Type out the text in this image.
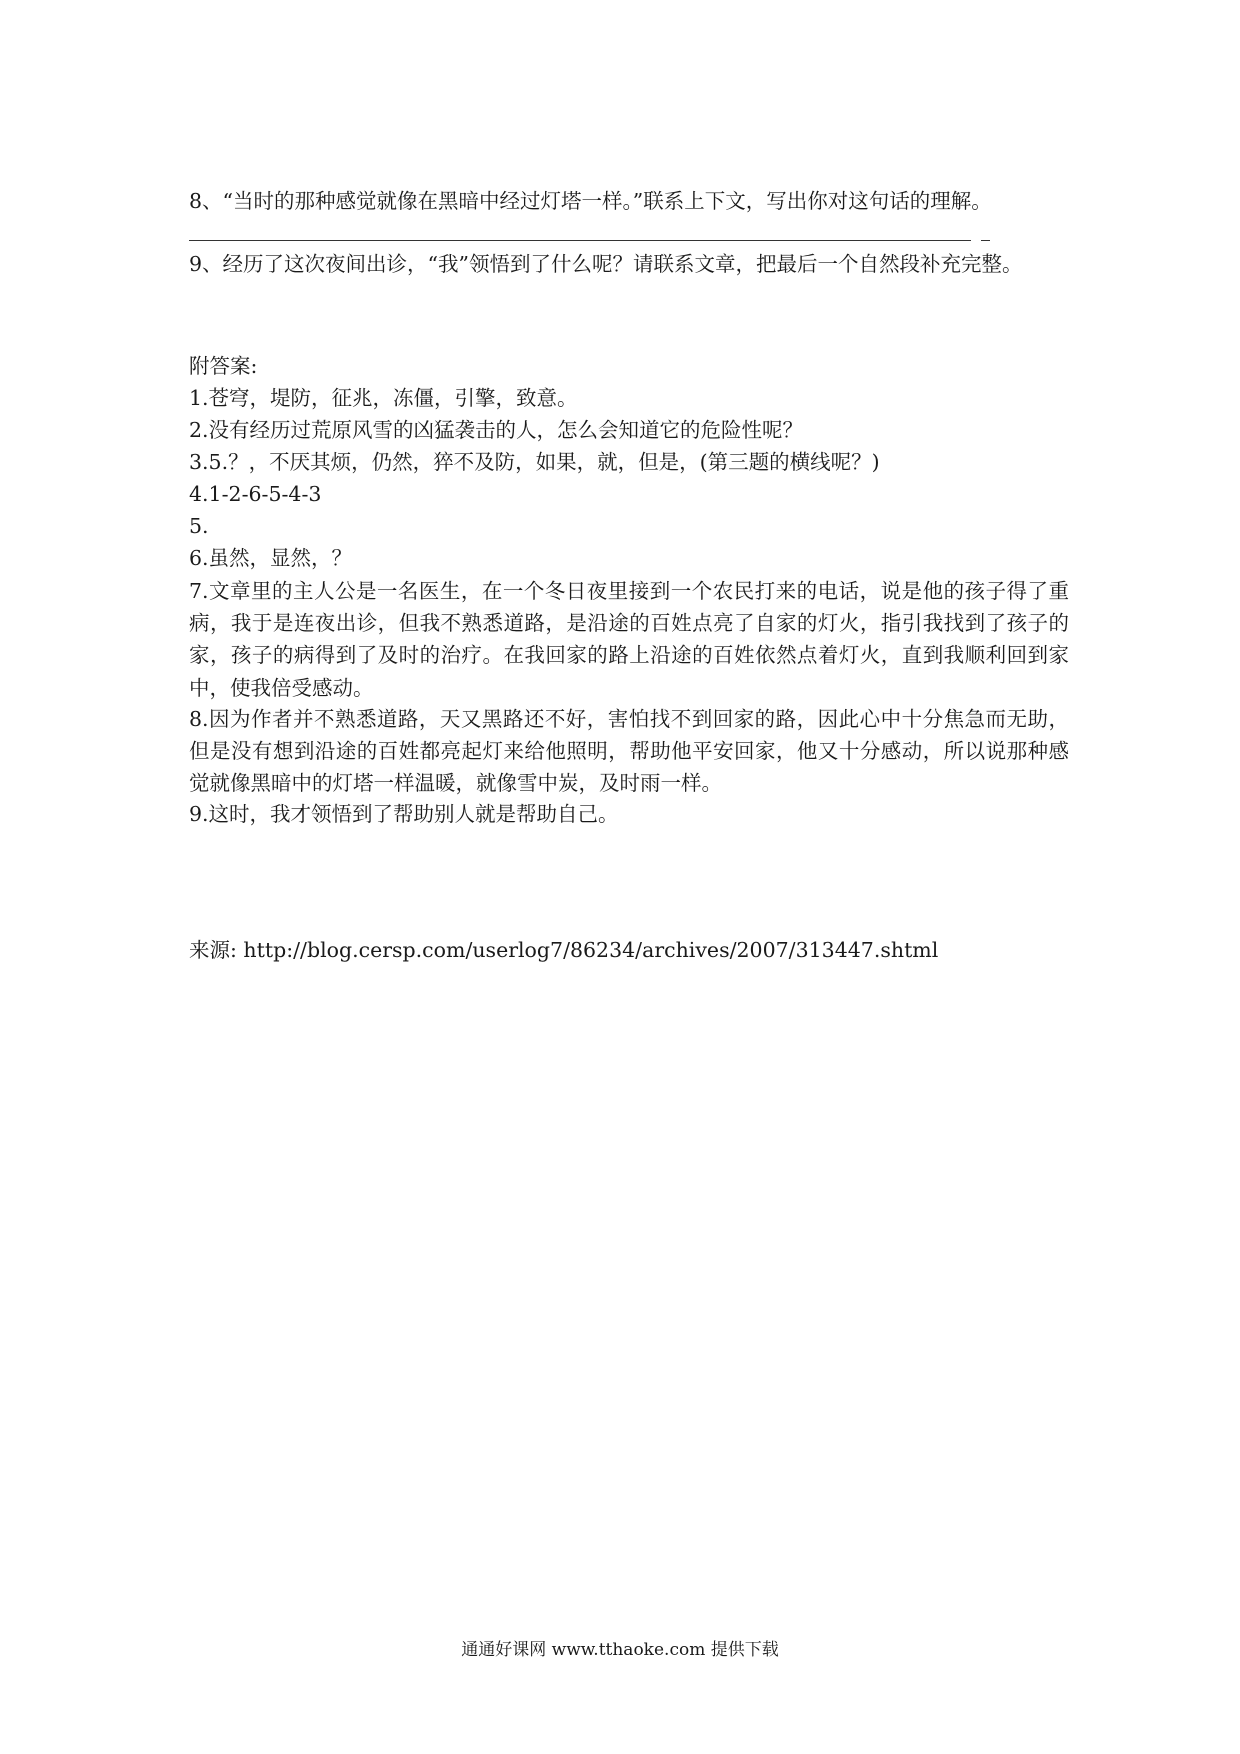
8、“当时的那种感觉就像在黑暗中经过灯塔一样。”联系上下文，写出你对这句话的理解。
9、经历了这次夜间出诊，“我”领悟到了什么呢？请联系文章，把最后一个自然段补充完整。
附答案:
1.苍穹，堤防，征兆，冻僵，引擎，致意。
2.没有经历过荒原风雪的凶猛袭击的人，怎么会知道它的危险性呢？
3.5.？，不厌其烦，仍然，猝不及防，如果，就，但是，(第三题的横线呢？)
4.1-2-6-5-4-3
5.
6.虽然，显然，？
7.文章里的主人公是一名医生，在一个冬日夜里接到一个农民打来的电话，说是他的孩子得了重病，我于是连夜出诊，但我不熟悉道路，是沿途的百姓点亮了自家的灯火，指引我找到了孩子的家，孩子的病得到了及时的治疗。在我回家的路上沿途的百姓依然点着灯火，直到我顺利回到家中，使我倍受感动。
8.因为作者并不熟悉道路，天又黑路还不好，害怕找不到回家的路，因此心中十分焦急而无助，但是没有想到沿途的百姓都亮起灯来给他照明，帮助他平安回家，他又十分感动，所以说那种感觉就像黑暗中的灯塔一样温暖，就像雪中炭，及时雨一样。
9.这时，我才领悟到了帮助别人就是帮助自己。
来源: http://blog.cersp.com/userlog7/86234/archives/2007/313447.shtml
通通好课网 www.tthaoke.com 提供下载
